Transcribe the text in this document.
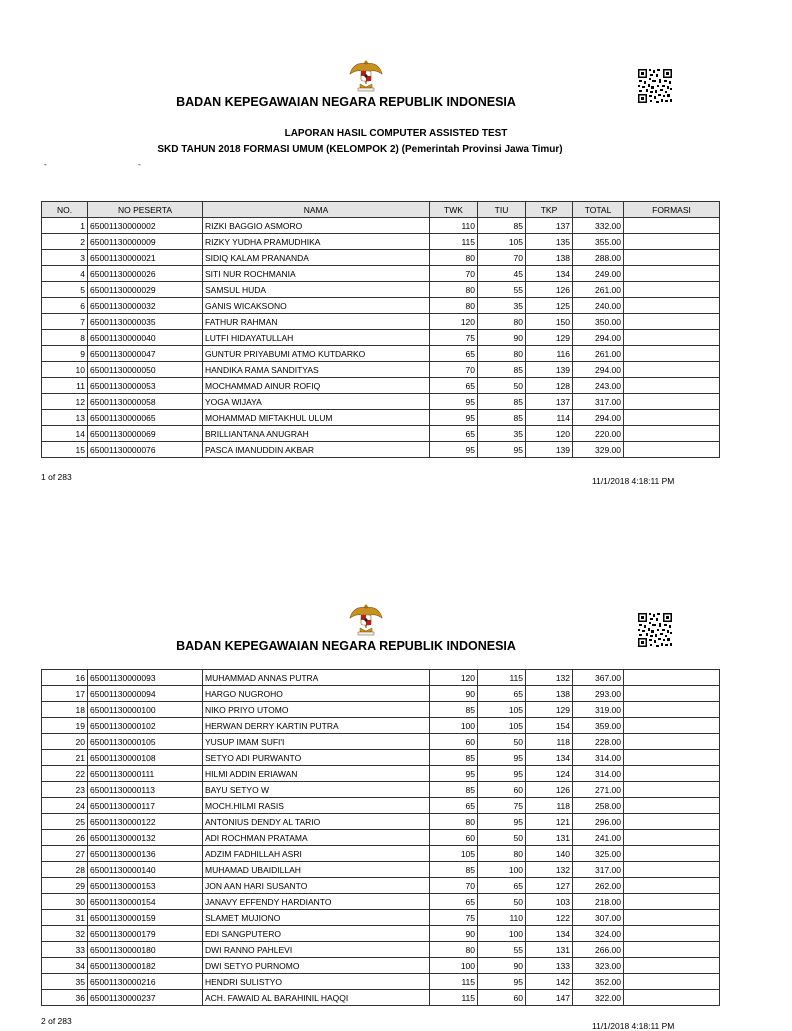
BADAN KEPEGAWAIAN NEGARA REPUBLIK INDONESIA
LAPORAN HASIL COMPUTER ASSISTED TEST
SKD TAHUN 2018 FORMASI UMUM (KELOMPOK 2) (Pemerintah Provinsi Jawa Timur)
-	-
NO.	NO PESERTA	NAMA	TWK	TIU	TKP	TOTAL	FORMASI
1	65001130000002	RIZKI BAGGIO ASMORO	110	85	137	332.00	
2	65001130000009	RIZKY YUDHA PRAMUDHIKA	115	105	135	355.00	
3	65001130000021	SIDIQ KALAM PRANANDA	80	70	138	288.00	
4	65001130000026	SITI NUR ROCHMANIA	70	45	134	249.00	
5	65001130000029	SAMSUL HUDA	80	55	126	261.00	
6	65001130000032	GANIS WICAKSONO	80	35	125	240.00	
7	65001130000035	FATHUR RAHMAN	120	80	150	350.00	
8	65001130000040	LUTFI HIDAYATULLAH	75	90	129	294.00	
9	65001130000047	GUNTUR PRIYABUMI ATMO KUTDARKO	65	80	116	261.00	
10	65001130000050	HANDIKA RAMA SANDITYAS	70	85	139	294.00	
11	65001130000053	MOCHAMMAD AINUR ROFIQ	65	50	128	243.00	
12	65001130000058	YOGA WIJAYA	95	85	137	317.00	
13	65001130000065	MOHAMMAD MIFTAKHUL ULUM	95	85	114	294.00	
14	65001130000069	BRILLIANTANA ANUGRAH	65	35	120	220.00	
15	65001130000076	PASCA IMANUDDIN AKBAR	95	95	139	329.00	
1 of 283	11/1/2018 4:18:11 PM
BADAN KEPEGAWAIAN NEGARA REPUBLIK INDONESIA
16	65001130000093	MUHAMMAD ANNAS PUTRA	120	115	132	367.00	
17	65001130000094	HARGO NUGROHO	90	65	138	293.00	
18	65001130000100	NIKO PRIYO UTOMO	85	105	129	319.00	
19	65001130000102	HERWAN DERRY KARTIN PUTRA	100	105	154	359.00	
20	65001130000105	YUSUP IMAM SUFI'I	60	50	118	228.00	
21	65001130000108	SETYO ADI PURWANTO	85	95	134	314.00	
22	65001130000111	HILMI ADDIN ERIAWAN	95	95	124	314.00	
23	65001130000113	BAYU SETYO W	85	60	126	271.00	
24	65001130000117	MOCH.HILMI RASIS	65	75	118	258.00	
25	65001130000122	ANTONIUS DENDY AL TARIO	80	95	121	296.00	
26	65001130000132	ADI ROCHMAN PRATAMA	60	50	131	241.00	
27	65001130000136	ADZIM FADHILLAH ASRI	105	80	140	325.00	
28	65001130000140	MUHAMAD UBAIDILLAH	85	100	132	317.00	
29	65001130000153	JON AAN HARI SUSANTO	70	65	127	262.00	
30	65001130000154	JANAVY EFFENDY HARDIANTO	65	50	103	218.00	
31	65001130000159	SLAMET MUJIONO	75	110	122	307.00	
32	65001130000179	EDI SANGPUTERO	90	100	134	324.00	
33	65001130000180	DWI RANNO PAHLEVI	80	55	131	266.00	
34	65001130000182	DWI SETYO PURNOMO	100	90	133	323.00	
35	65001130000216	HENDRI SULISTYO	115	95	142	352.00	
36	65001130000237	ACH. FAWAID AL BARAHINIL HAQQI	115	60	147	322.00	
2 of 283	11/1/2018 4:18:11 PM
